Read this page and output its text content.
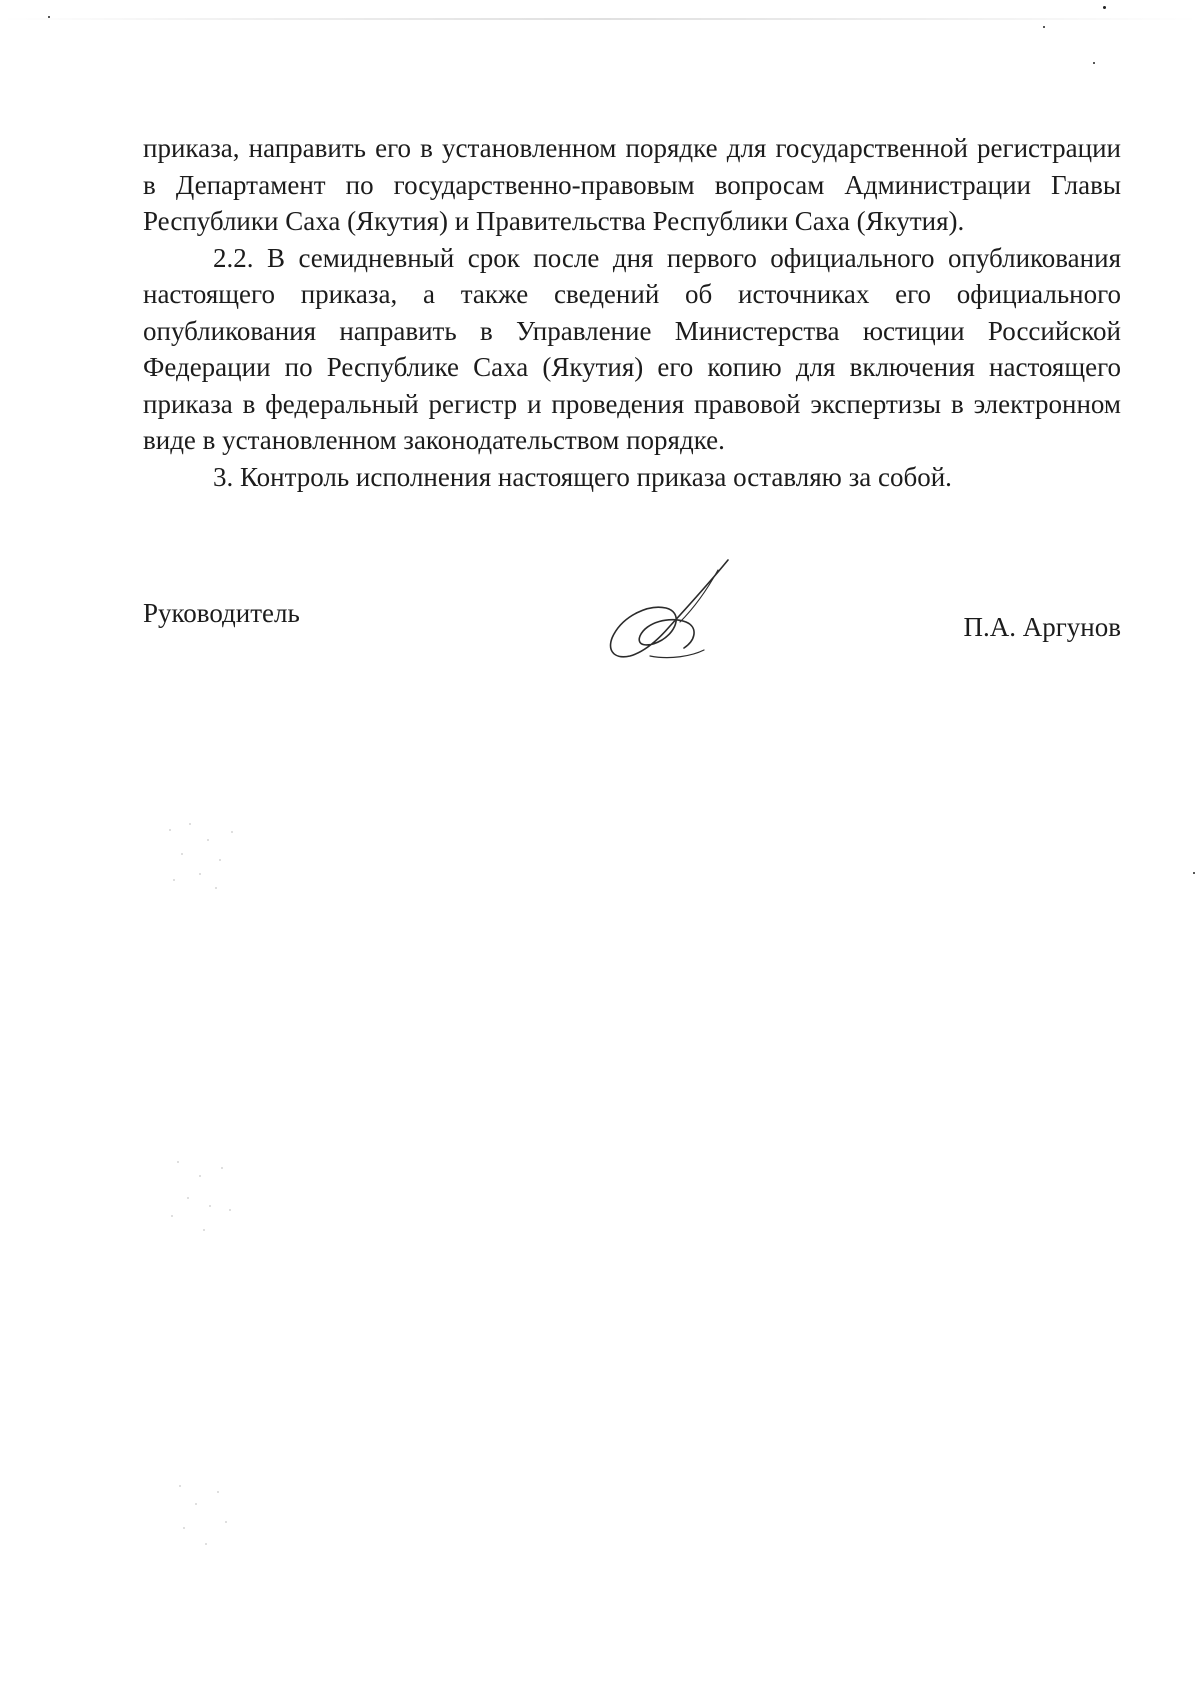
приказа, направить его в установленном порядке для государственной регистрации в Департамент по государственно-правовым вопросам Администрации Главы Республики Саха (Якутия) и Правительства Республики Саха (Якутия).

2.2. В семидневный срок после дня первого официального опубликования настоящего приказа, а также сведений об источниках его официального опубликования направить в Управление Министерства юстиции Российской Федерации по Республике Саха (Якутия) его копию для включения настоящего приказа в федеральный регистр и проведения правовой экспертизы в электронном виде в установленном законодательством порядке.

3. Контроль исполнения настоящего приказа оставляю за собой.

Руководитель	П.А. Аргунов
